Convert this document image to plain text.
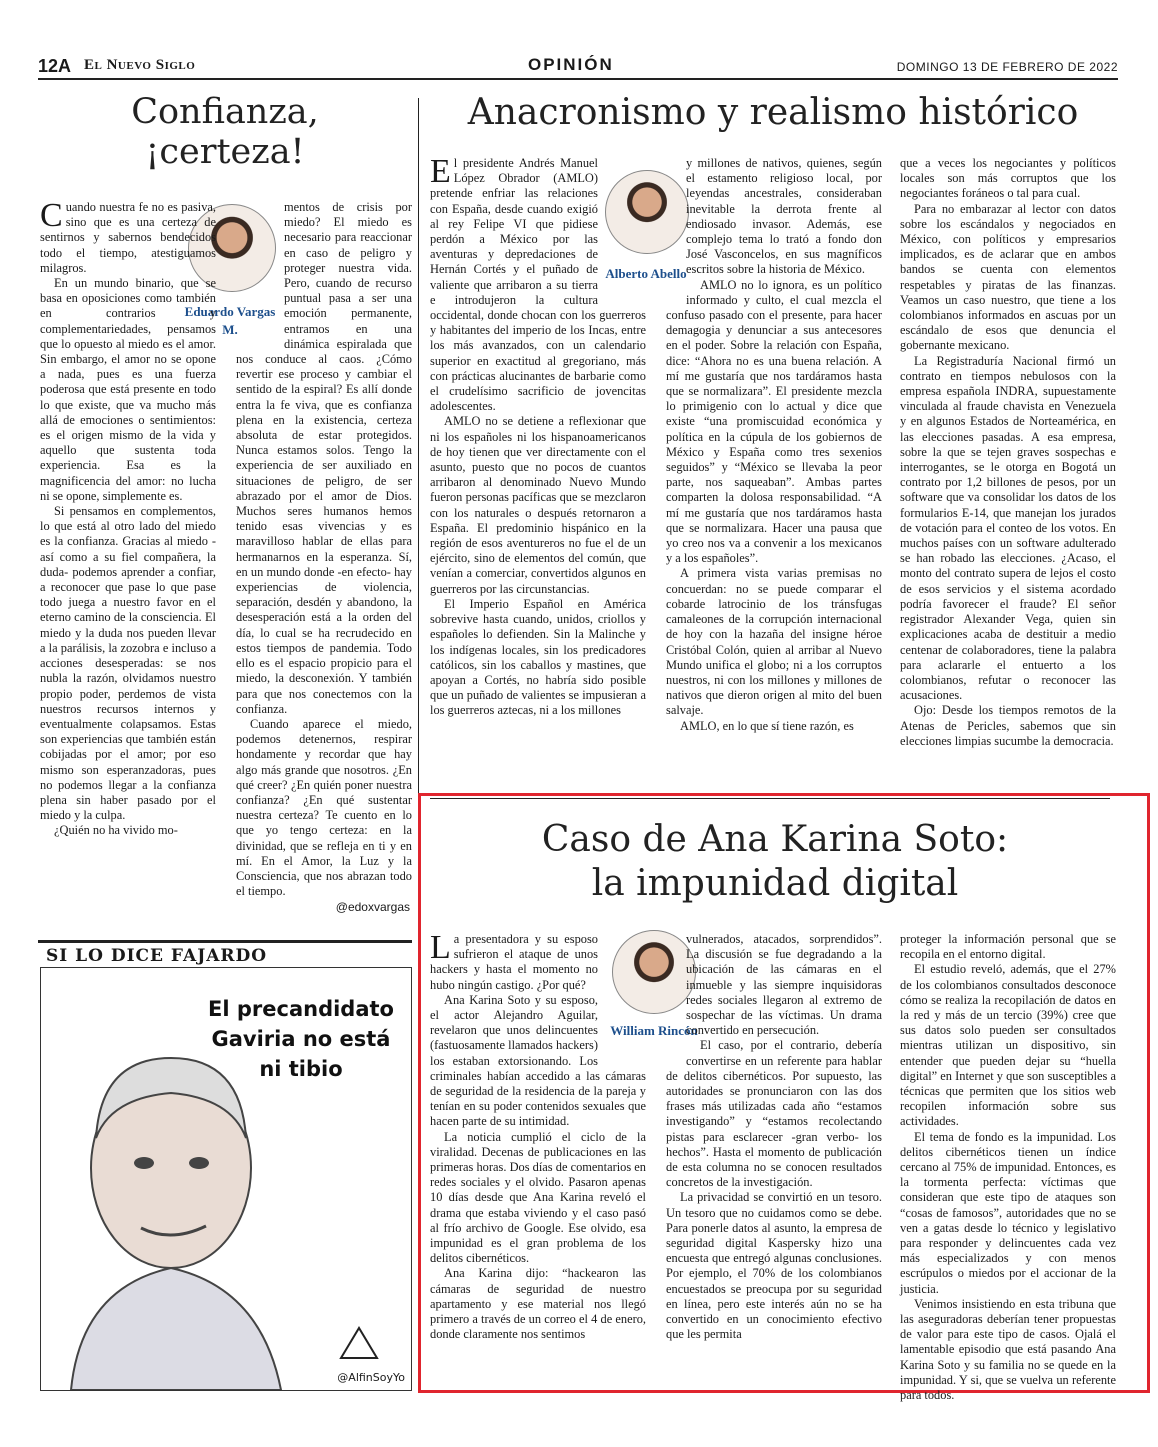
12A El Nuevo Siglo	OPINIÓN	DOMINGO 13 DE FEBRERO DE 2022
Confianza,
¡certeza!
Eduardo Vargas M.

Cuando nuestra fe no es pasiva, sino que es una certeza de sentirnos y sabernos bendecidos todo el tiempo, atestiguamos milagros.

En un mundo binario, que se basa en oposiciones como también en contrarios y complementariedades, pensamos que lo opuesto al miedo es el amor. Sin embargo, el amor no se opone a nada, pues es una fuerza poderosa que está presente en todo lo que existe, que va mucho más allá de emociones o sentimientos: es el origen mismo de la vida y aquello que sustenta toda experiencia. Esa es la magnificencia del amor: no lucha ni se opone, simplemente es.

Si pensamos en complementos, lo que está al otro lado del miedo es la confianza. Gracias al miedo -así como a su fiel compañera, la duda- podemos aprender a confiar, a reconocer que pase lo que pase todo juega a nuestro favor en el eterno camino de la consciencia. El miedo y la duda nos pueden llevar a la parálisis, la zozobra e incluso a acciones desesperadas: se nos nubla la razón, olvidamos nuestro propio poder, perdemos de vista nuestros recursos internos y eventualmente colapsamos. Estas son experiencias que también están cobijadas por el amor; por eso mismo son esperanzadoras, pues no podemos llegar a la confianza plena sin haber pasado por el miedo y la culpa.

¿Quién no ha vivido mo-

mentos de crisis por miedo? El miedo es necesario para reaccionar en caso de peligro y proteger nuestra vida. Pero, cuando de recurso puntual pasa a ser una emoción permanente, entramos en una dinámica espiralada que nos conduce al caos. ¿Cómo revertir ese proceso y cambiar el sentido de la espiral? Es allí donde entra la fe viva, que es confianza plena en la existencia, certeza absoluta de estar protegidos. Nunca estamos solos. Tengo la experiencia de ser auxiliado en situaciones de peligro, de ser abrazado por el amor de Dios. Muchos seres humanos hemos tenido esas vivencias y es maravilloso hablar de ellas para hermanarnos en la esperanza. Sí, en un mundo donde -en efecto- hay experiencias de violencia, separación, desdén y abandono, la desesperación está a la orden del día, lo cual se ha recrudecido en estos tiempos de pandemia. Todo ello es el espacio propicio para el miedo, la desconexión. Y también para que nos conectemos con la confianza.

Cuando aparece el miedo, podemos detenernos, respirar hondamente y recordar que hay algo más grande que nosotros. ¿En qué creer? ¿En quién poner nuestra confianza? ¿En qué sustentar nuestra certeza? Te cuento en lo que yo tengo certeza: en la divinidad, que se refleja en ti y en mí. En el Amor, la Luz y la Consciencia, que nos abrazan todo el tiempo.

@edoxvargas
SI LO DICE FAJARDO
El precandidato
Gaviria no está
ni tibio
@AlfinSoyYo
Anacronismo y realismo histórico
Alberto Abello

El presidente Andrés Manuel López Obrador (AMLO) pretende enfriar las relaciones con España, desde cuando exigió al rey Felipe VI que pidiese perdón a México por las aventuras y depredaciones de Hernán Cortés y el puñado de valiente que arribaron a su tierra e introdujeron la cultura occidental, donde chocan con los guerreros y habitantes del imperio de los Incas, entre los más avanzados, con un calendario superior en exactitud al gregoriano, más con prácticas alucinantes de barbarie como el crudelísimo sacrificio de jovencitas adolescentes.

AMLO no se detiene a reflexionar que ni los españoles ni los hispanoamericanos de hoy tienen que ver directamente con el asunto, puesto que no pocos de cuantos arribaron al denominado Nuevo Mundo fueron personas pacíficas que se mezclaron con los naturales o después retornaron a España. El predominio hispánico en la región de esos aventureros no fue el de un ejército, sino de elementos del común, que venían a comerciar, convertidos algunos en guerreros por las circunstancias.

El Imperio Español en América sobrevive hasta cuando, unidos, criollos y españoles lo defienden. Sin la Malinche y los indígenas locales, sin los predicadores católicos, sin los caballos y mastines, que apoyan a Cortés, no habría sido posible que un puñado de valientes se impusieran a los guerreros aztecas, ni a los millones

y millones de nativos, quienes, según el estamento religioso local, por leyendas ancestrales, consideraban inevitable la derrota frente al endiosado invasor. Además, ese complejo tema lo trató a fondo don José Vasconcelos, en sus magníficos escritos sobre la historia de México.

AMLO no lo ignora, es un político informado y culto, el cual mezcla el confuso pasado con el presente, para hacer demagogia y denunciar a sus antecesores en el poder. Sobre la relación con España, dice: “Ahora no es una buena relación. A mí me gustaría que nos tardáramos hasta que se normalizara”. El presidente mezcla lo primigenio con lo actual y dice que existe “una promiscuidad económica y política en la cúpula de los gobiernos de México y España como tres sexenios seguidos” y “México se llevaba la peor parte, nos saqueaban”. Ambas partes comparten la dolosa responsabilidad. “A mí me gustaría que nos tardáramos hasta que se normalizara. Hacer una pausa que yo creo nos va a convenir a los mexicanos y a los españoles”.

A primera vista varias premisas no concuerdan: no se puede comparar el cobarde latrocinio de los tránsfugas camaleones de la corrupción internacional de hoy con la hazaña del insigne héroe Cristóbal Colón, quien al arribar al Nuevo Mundo unifica el globo; ni a los corruptos nuestros, ni con los millones y millones de nativos que dieron origen al mito del buen salvaje.

AMLO, en lo que sí tiene razón, es

que a veces los negociantes y políticos locales son más corruptos que los negociantes foráneos o tal para cual.

Para no embarazar al lector con datos sobre los escándalos y negociados en México, con políticos y empresarios implicados, es de aclarar que en ambos bandos se cuenta con elementos respetables y piratas de las finanzas. Veamos un caso nuestro, que tiene a los colombianos informados en ascuas por un escándalo de esos que denuncia el gobernante mexicano.

La Registraduría Nacional firmó un contrato en tiempos nebulosos con la empresa española INDRA, supuestamente vinculada al fraude chavista en Venezuela y en algunos Estados de Norteamérica, en las elecciones pasadas. A esa empresa, sobre la que se tejen graves sospechas e interrogantes, se le otorga en Bogotá un contrato por 1,2 billones de pesos, por un software que va consolidar los datos de los formularios E-14, que manejan los jurados de votación para el conteo de los votos. En muchos países con un software adulterado se han robado las elecciones. ¿Acaso, el monto del contrato supera de lejos el costo de esos servicios y el sistema acordado podría favorecer el fraude? El señor registrador Alexander Vega, quien sin explicaciones acaba de destituir a medio centenar de colaboradores, tiene la palabra para aclararle el entuerto a los colombianos, refutar o reconocer las acusaciones.

Ojo: Desde los tiempos remotos de la Atenas de Pericles, sabemos que sin elecciones limpias sucumbe la democracia.

Caso de Ana Karina Soto:
la impunidad digital
William Rincón

La presentadora y su esposo sufrieron el ataque de unos hackers y hasta el momento no hubo ningún castigo. ¿Por qué?

Ana Karina Soto y su esposo, el actor Alejandro Aguilar, revelaron que unos delincuentes (fastuosamente llamados hackers) los estaban extorsionando. Los criminales habían accedido a las cámaras de seguridad de la residencia de la pareja y tenían en su poder contenidos sexuales que hacen parte de su intimidad.

La noticia cumplió el ciclo de la viralidad. Decenas de publicaciones en las primeras horas. Dos días de comentarios en redes sociales y el olvido. Pasaron apenas 10 días desde que Ana Karina reveló el drama que estaba viviendo y el caso pasó al frío archivo de Google. Ese olvido, esa impunidad es el gran problema de los delitos cibernéticos.

Ana Karina dijo: “hackearon las cámaras de seguridad de nuestro apartamento y ese material nos llegó primero a través de un correo el 4 de enero, donde claramente nos sentimos

vulnerados, atacados, sorprendidos”. La discusión se fue degradando a la ubicación de las cámaras en el inmueble y las siempre inquisidoras redes sociales llegaron al extremo de sospechar de las víctimas. Un drama convertido en persecución.

El caso, por el contrario, debería convertirse en un referente para hablar de delitos cibernéticos. Por supuesto, las autoridades se pronunciaron con las dos frases más utilizadas cada año “estamos investigando” y “estamos recolectando pistas para esclarecer -gran verbo- los hechos”. Hasta el momento de publicación de esta columna no se conocen resultados concretos de la investigación.

La privacidad se convirtió en un tesoro. Un tesoro que no cuidamos como se debe. Para ponerle datos al asunto, la empresa de seguridad digital Kaspersky hizo una encuesta que entregó algunas conclusiones. Por ejemplo, el 70% de los colombianos encuestados se preocupa por su seguridad en línea, pero este interés aún no se ha convertido en un conocimiento efectivo que les permita

proteger la información personal que se recopila en el entorno digital.

El estudio reveló, además, que el 27% de los colombianos consultados desconoce cómo se realiza la recopilación de datos en la red y más de un tercio (39%) cree que sus datos solo pueden ser consultados mientras utilizan un dispositivo, sin entender que pueden dejar su “huella digital” en Internet y que son susceptibles a técnicas que permiten que los sitios web recopilen información sobre sus actividades.

El tema de fondo es la impunidad. Los delitos cibernéticos tienen un índice cercano al 75% de impunidad. Entonces, es la tormenta perfecta: víctimas que consideran que este tipo de ataques son “cosas de famosos”, autoridades que no se ven a gatas desde lo técnico y legislativo para responder y delincuentes cada vez más especializados y con menos escrúpulos o miedos por el accionar de la justicia.

Venimos insistiendo en esta tribuna que las aseguradoras deberían tener propuestas de valor para este tipo de casos. Ojalá el lamentable episodio que está pasando Ana Karina Soto y su familia no se quede en la impunidad. Y si, que se vuelva un referente para todos.
